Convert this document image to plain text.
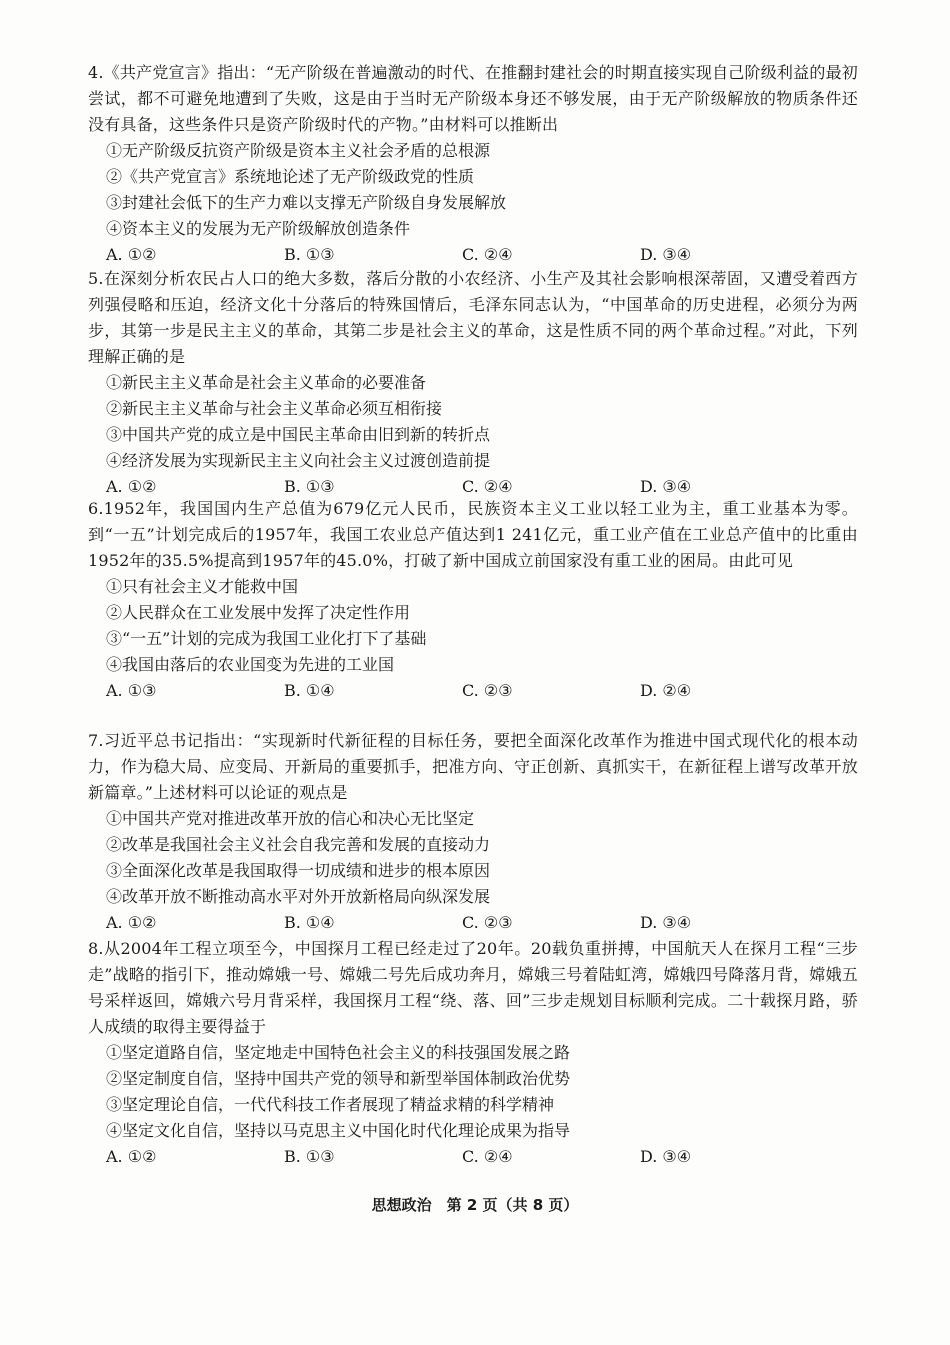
4.《共产党宣言》指出：“无产阶级在普遍激动的时代、在推翻封建社会的时期直接实现自己阶级利益的最初尝试，都不可避免地遭到了失败，这是由于当时无产阶级本身还不够发展，由于无产阶级解放的物质条件还没有具备，这些条件只是资产阶级时代的产物。”由材料可以推断出

①无产阶级反抗资产阶级是资本主义社会矛盾的总根源

②《共产党宣言》系统地论述了无产阶级政党的性质

③封建社会低下的生产力难以支撑无产阶级自身发展解放

④资本主义的发展为无产阶级解放创造条件

A. ①②	B. ①③	C. ②④	D. ③④

5.在深刻分析农民占人口的绝大多数，落后分散的小农经济、小生产及其社会影响根深蒂固，又遭受着西方列强侵略和压迫，经济文化十分落后的特殊国情后，毛泽东同志认为，“中国革命的历史进程，必须分为两步，其第一步是民主主义的革命，其第二步是社会主义的革命，这是性质不同的两个革命过程。”对此，下列理解正确的是

①新民主主义革命是社会主义革命的必要准备

②新民主主义革命与社会主义革命必须互相衔接

③中国共产党的成立是中国民主革命由旧到新的转折点

④经济发展为实现新民主主义向社会主义过渡创造前提

A. ①②	B. ①③	C. ②④	D. ③④

6.1952年，我国国内生产总值为679亿元人民币，民族资本主义工业以轻工业为主，重工业基本为零。到“一五”计划完成后的1957年，我国工农业总产值达到1 241亿元，重工业产值在工业总产值中的比重由1952年的35.5%提高到1957年的45.0%，打破了新中国成立前国家没有重工业的困局。由此可见

①只有社会主义才能救中国

②人民群众在工业发展中发挥了决定性作用

③“一五”计划的完成为我国工业化打下了基础

④我国由落后的农业国变为先进的工业国

A. ①③	B. ①④	C. ②③	D. ②④

7.习近平总书记指出：“实现新时代新征程的目标任务，要把全面深化改革作为推进中国式现代化的根本动力，作为稳大局、应变局、开新局的重要抓手，把准方向、守正创新、真抓实干，在新征程上谱写改革开放新篇章。”上述材料可以论证的观点是

①中国共产党对推进改革开放的信心和决心无比坚定

②改革是我国社会主义社会自我完善和发展的直接动力

③全面深化改革是我国取得一切成绩和进步的根本原因

④改革开放不断推动高水平对外开放新格局向纵深发展

A. ①②	B. ①④	C. ②③	D. ③④

8.从2004年工程立项至今，中国探月工程已经走过了20年。20载负重拼搏，中国航天人在探月工程“三步走”战略的指引下，推动嫦娥一号、嫦娥二号先后成功奔月，嫦娥三号着陆虹湾，嫦娥四号降落月背，嫦娥五号采样返回，嫦娥六号月背采样，我国探月工程“绕、落、回”三步走规划目标顺利完成。二十载探月路，骄人成绩的取得主要得益于

①坚定道路自信，坚定地走中国特色社会主义的科技强国发展之路

②坚定制度自信，坚持中国共产党的领导和新型举国体制政治优势

③坚定理论自信，一代代科技工作者展现了精益求精的科学精神

④坚定文化自信，坚持以马克思主义中国化时代化理论成果为指导

A. ①②	B. ①③	C. ②④	D. ③④
思想政治　第 2 页（共 8 页）
